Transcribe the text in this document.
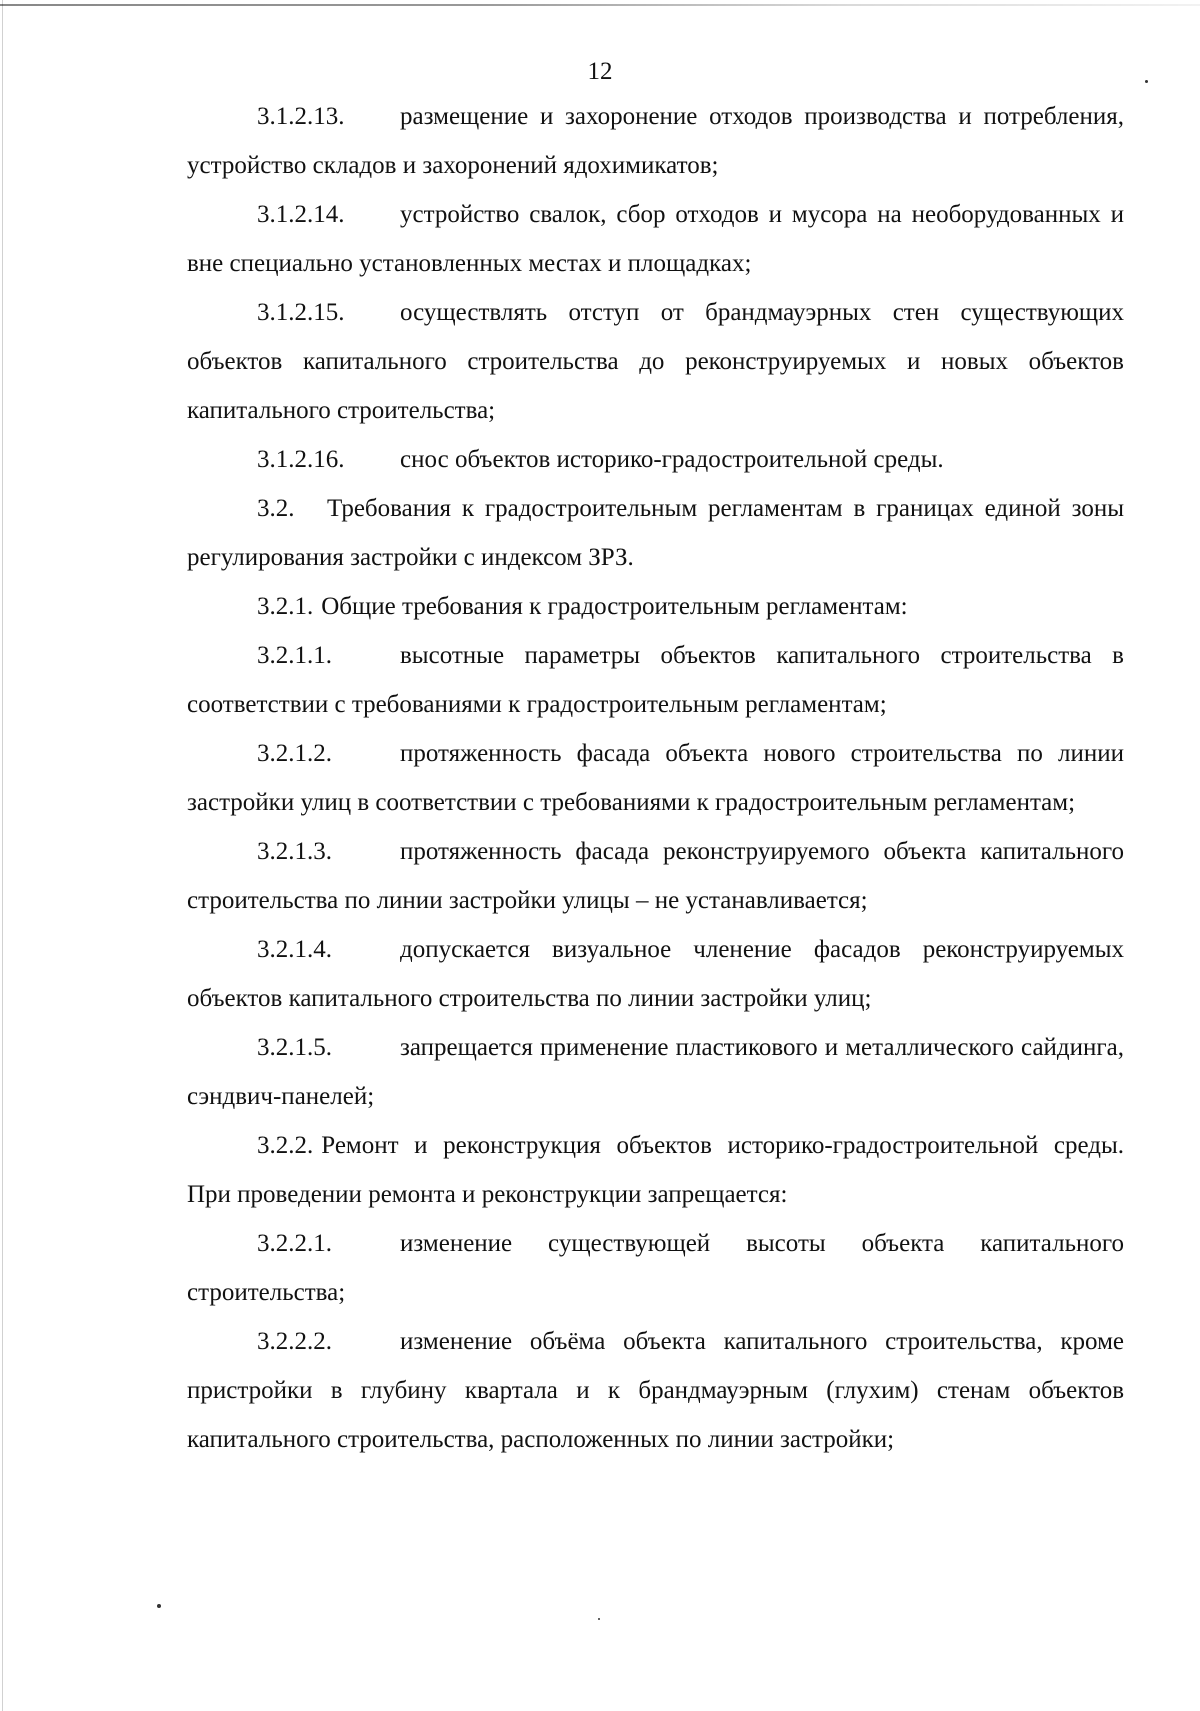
12

3.1.2.13. размещение и захоронение отходов производства и потребления, устройство складов и захоронений ядохимикатов;

3.1.2.14. устройство свалок, сбор отходов и мусора на необорудованных и вне специально установленных местах и площадках;

3.1.2.15. осуществлять отступ от брандмауэрных стен существующих объектов капитального строительства до реконструируемых и новых объектов капитального строительства;

3.1.2.16. снос объектов историко-градостроительной среды.

3.2. Требования к градостроительным регламентам в границах единой зоны регулирования застройки с индексом ЗРЗ.

3.2.1. Общие требования к градостроительным регламентам:

3.2.1.1.	высотные параметры объектов капитального строительства в соответствии с требованиями к градостроительным регламентам;

3.2.1.2.	протяженность фасада объекта нового строительства по линии застройки улиц в соответствии с требованиями к градостроительным регламентам;

3.2.1.3.	протяженность фасада реконструируемого объекта капитального строительства по линии застройки улицы – не устанавливается;

3.2.1.4.	допускается визуальное членение фасадов реконструируемых объектов капитального строительства по линии застройки улиц;

3.2.1.5.	запрещается применение пластикового и металлического сайдинга, сэндвич-панелей;

3.2.2. Ремонт и реконструкция объектов историко-градостроительной среды. При проведении ремонта и реконструкции запрещается:

3.2.2.1.	изменение существующей высоты объекта капитального строительства;

3.2.2.2.	изменение объёма объекта капитального строительства, кроме пристройки в глубину квартала и к брандмауэрным (глухим) стенам объектов капитального строительства, расположенных по линии застройки;
